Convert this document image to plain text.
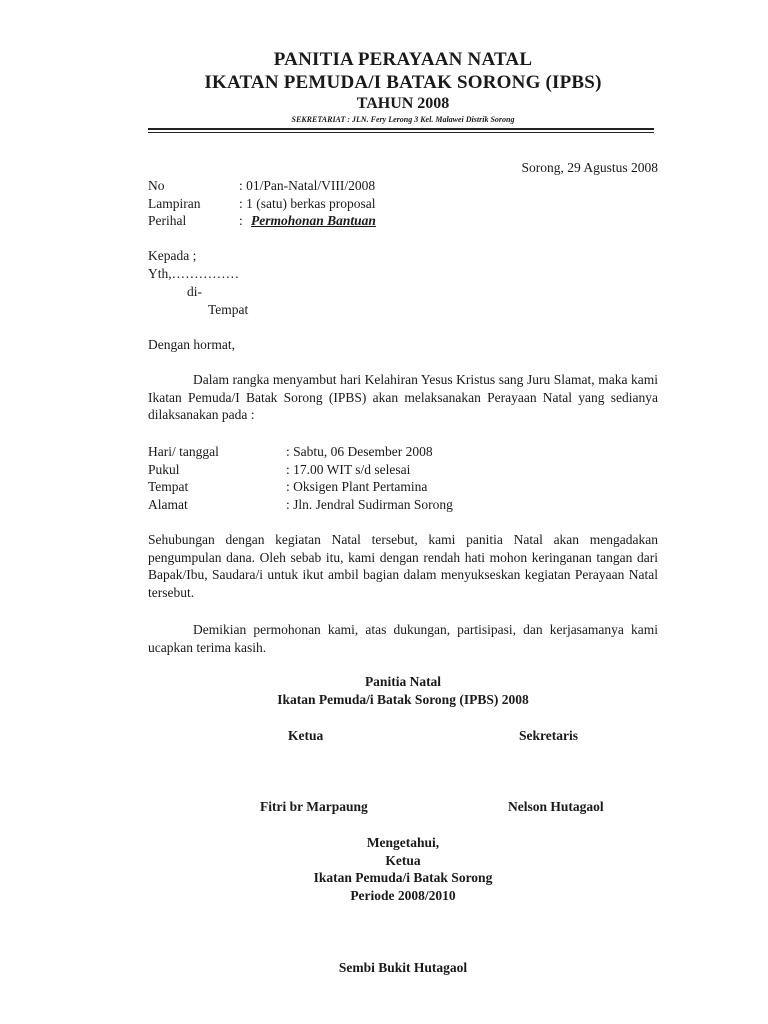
PANITIA PERAYAAN NATAL
IKATAN PEMUDA/I BATAK SORONG (IPBS)
TAHUN 2008
SEKRETARIAT : JLN. Fery Lerong 3 Kel. Malawei Distrik Sorong
Sorong, 29 Agustus 2008
No	: 01/Pan-Natal/VIII/2008
Lampiran	: 1 (satu) berkas proposal
Perihal	: Permohonan Bantuan
Kepada ;
Yth,……………
di-
Tempat
Dengan hormat,
Dalam rangka menyambut hari Kelahiran Yesus Kristus sang Juru Slamat, maka kami Ikatan Pemuda/I Batak Sorong (IPBS) akan melaksanakan Perayaan Natal yang sedianya dilaksanakan pada :
Hari/ tanggal	: Sabtu, 06 Desember 2008
Pukul	: 17.00 WIT s/d selesai
Tempat	: Oksigen Plant Pertamina
Alamat	: Jln. Jendral Sudirman Sorong
Sehubungan dengan kegiatan Natal tersebut, kami panitia Natal akan mengadakan pengumpulan dana. Oleh sebab itu, kami dengan rendah hati mohon keringanan tangan dari Bapak/Ibu, Saudara/i untuk ikut ambil bagian dalam menyukseskan kegiatan Perayaan Natal tersebut.
Demikian permohonan kami, atas dukungan, partisipasi, dan kerjasamanya kami ucapkan terima kasih.
Panitia Natal
Ikatan Pemuda/i Batak Sorong (IPBS) 2008
Ketua	Sekretaris
Fitri br Marpaung	Nelson Hutagaol
Mengetahui,
Ketua
Ikatan Pemuda/i Batak Sorong
Periode 2008/2010
Sembi Bukit Hutagaol
